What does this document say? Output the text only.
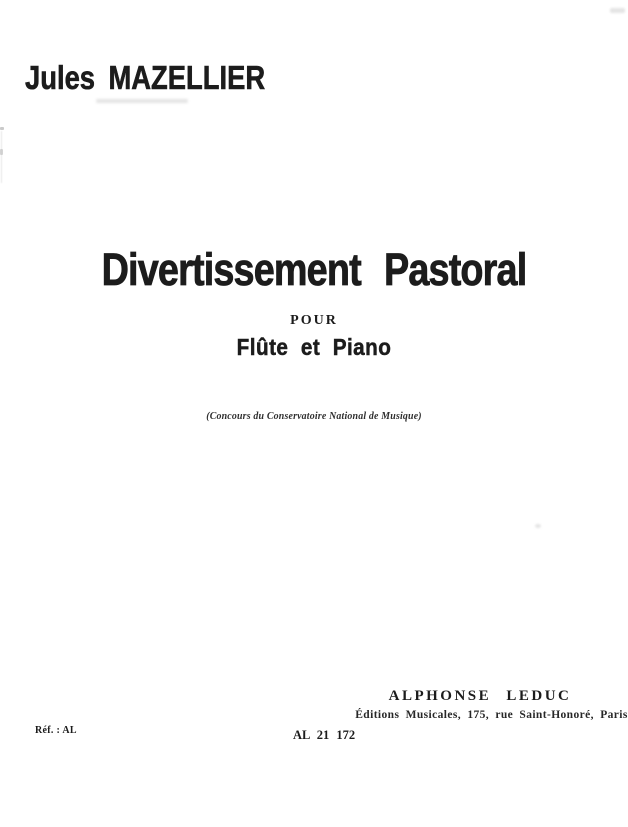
Jules MAZELLIER
Divertissement Pastoral
POUR
Flûte et Piano
(Concours du Conservatoire National de Musique)
ALPHONSE LEDUC
Éditions Musicales, 175, rue Saint-Honoré, Paris
Réf. : AL	AL 21 172
